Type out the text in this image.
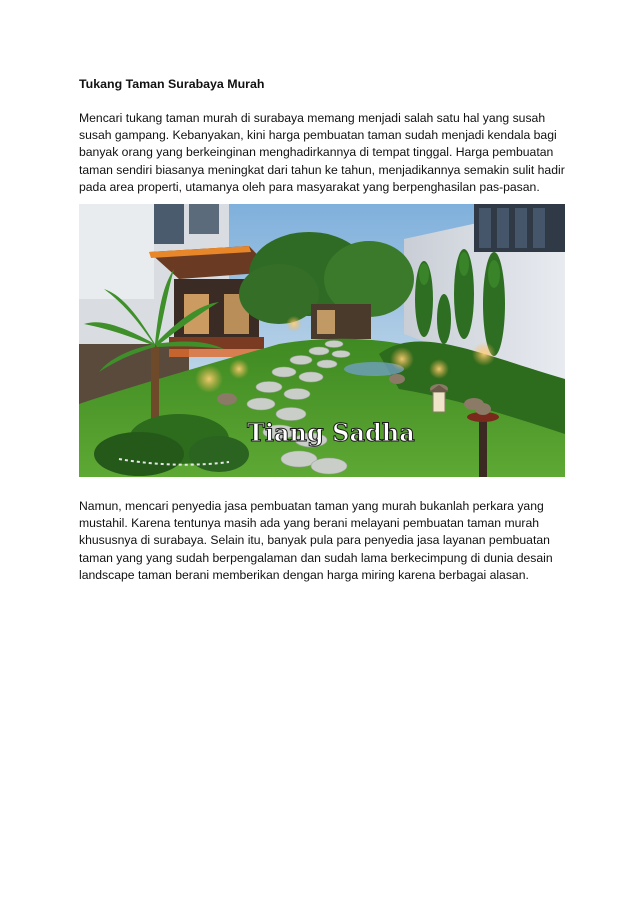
Tukang Taman Surabaya Murah

Mencari tukang taman murah di surabaya memang menjadi salah satu hal yang susah susah gampang. Kebanyakan, kini harga pembuatan taman sudah menjadi kendala bagi banyak orang yang berkeinginan menghadirkannya di tempat tinggal. Harga pembuatan taman sendiri biasanya meningkat dari tahun ke tahun, menjadikannya semakin sulit hadir pada area properti, utamanya oleh para masyarakat yang berpenghasilan pas-pasan.

Tiang Sadha

Namun, mencari penyedia jasa pembuatan taman yang murah bukanlah perkara yang mustahil. Karena tentunya masih ada yang berani melayani pembuatan taman murah khususnya di surabaya. Selain itu, banyak pula para penyedia jasa layanan pembuatan taman yang yang sudah berpengalaman dan sudah lama berkecimpung di dunia desain landscape taman berani memberikan dengan harga miring karena berbagai alasan.
